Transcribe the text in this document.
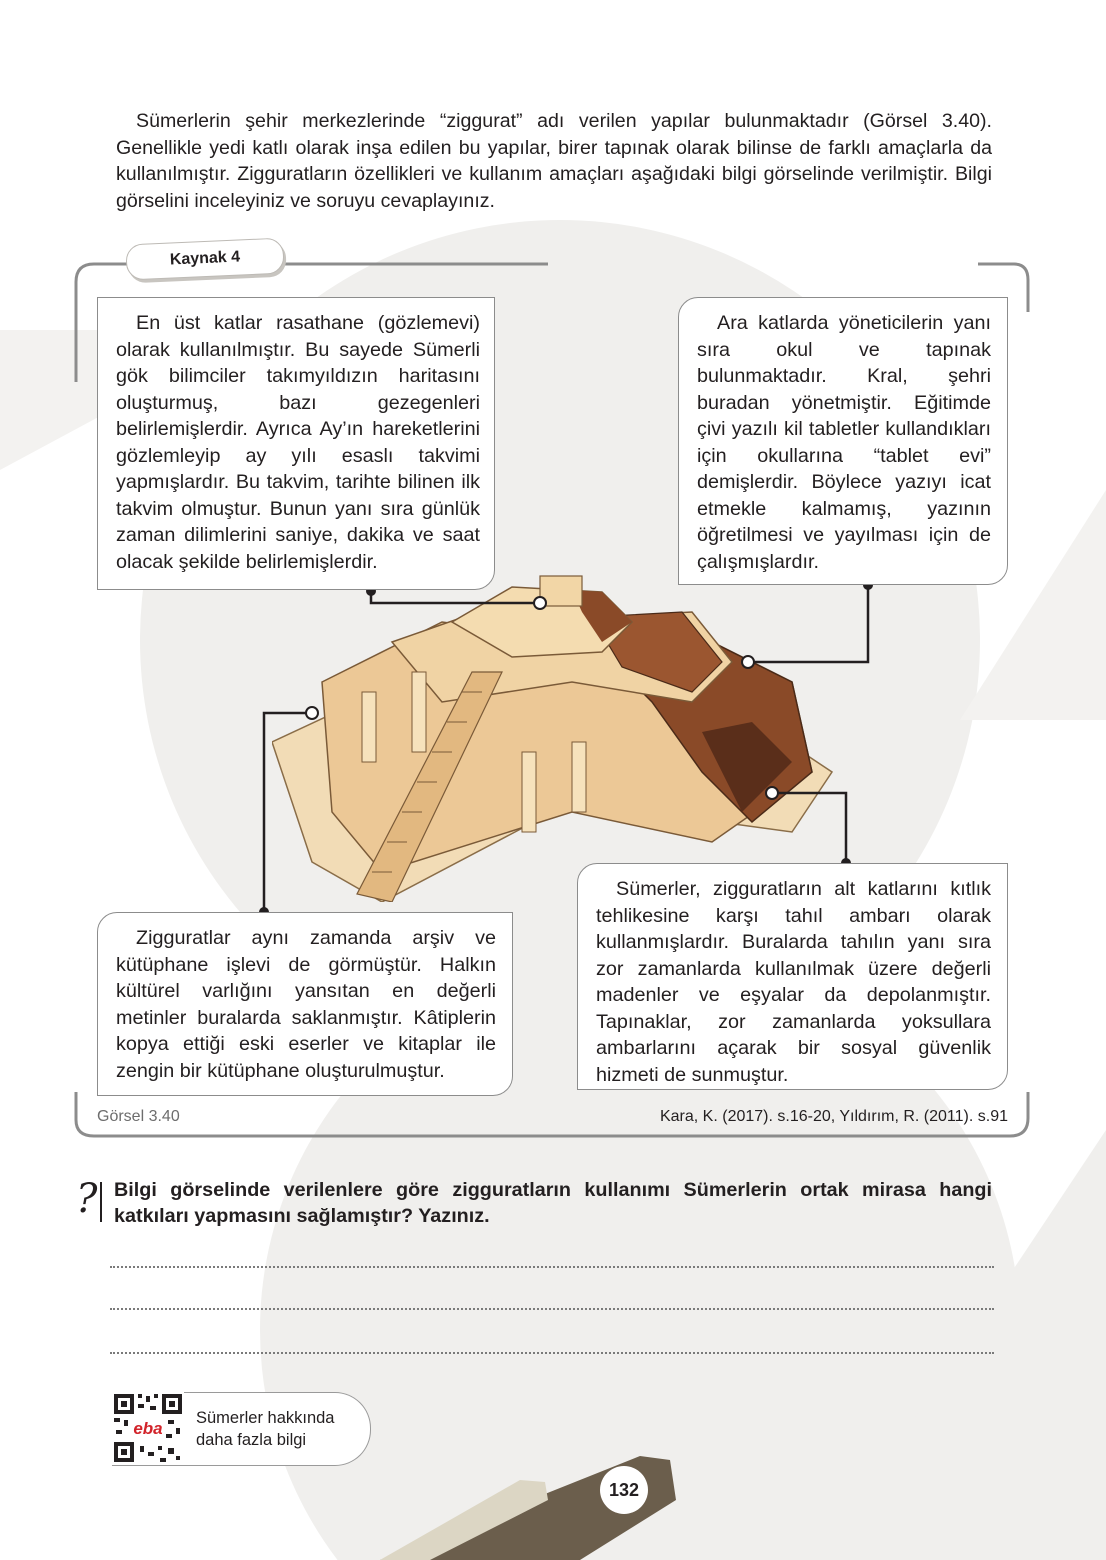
Sümerlerin şehir merkezlerinde “ziggurat” adı verilen yapılar bulunmaktadır (Görsel 3.40). Genellikle yedi katlı olarak inşa edilen bu yapılar, birer tapınak olarak bilinse de farklı amaçlarla da kullanılmıştır. Zigguratların özellikleri ve kullanım amaçları aşağıdaki bilgi görselinde verilmiştir. Bilgi görselini inceleyiniz ve soruyu cevaplayınız.

Kaynak 4

En üst katlar rasathane (gözlemevi) olarak kullanılmıştır. Bu sayede Sümerli gök bilimciler takımyıldızın haritasını oluşturmuş, bazı gezegenleri belirlemişlerdir. Ayrıca Ay’ın hareketlerini gözlemleyip ay yılı esaslı takvimi yapmışlardır. Bu takvim, tarihte bilinen ilk takvim olmuştur. Bunun yanı sıra günlük zaman dilimlerini saniye, dakika ve saat olacak şekilde belirlemişlerdir.

Ara katlarda yöneticilerin yanı sıra okul ve tapınak bulunmaktadır. Kral, şehri buradan yönetmiştir. Eğitimde çivi yazılı kil tabletler kullandıkları için okullarına “tablet evi” demişlerdir. Böylece yazıyı icat etmekle kalmamış, yazının öğretilmesi ve yayılması için de çalışmışlardır.

Zigguratlar aynı zamanda arşiv ve kütüphane işlevi de görmüştür. Halkın kültürel varlığını yansıtan en değerli metinler buralarda saklanmıştır. Kâtiplerin kopya ettiği eski eserler ve kitaplar ile zengin bir kütüphane oluşturulmuştur.

Sümerler, zigguratların alt katlarını kıtlık tehlikesine karşı tahıl ambarı olarak kullanmışlardır. Buralarda tahılın yanı sıra zor zamanlarda kullanılmak üzere değerli madenler ve eşyalar da depolanmıştır. Tapınaklar, zor zamanlarda yoksullara ambarlarını açarak bir sosyal güvenlik hizmeti de sunmuştur.

Görsel 3.40	Kara, K. (2017). s.16-20, Yıldırım, R. (2011). s.91
? Bilgi görselinde verilenlere göre zigguratların kullanımı Sümerlerin ortak mirasa hangi katkıları yapmasını sağlamıştır? Yazınız.

eba
Sümerler hakkında
daha fazla bilgi
132
